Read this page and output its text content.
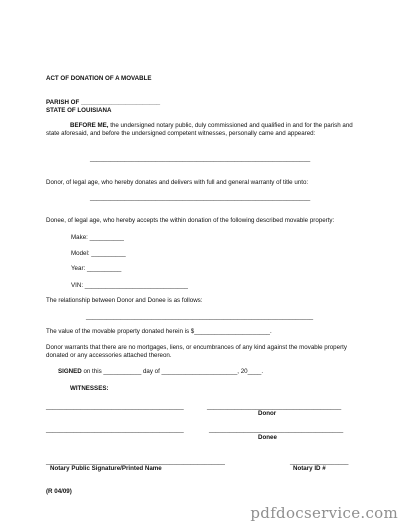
ACT OF DONATION OF A MOVABLE
PARISH OF _______________________
STATE OF LOUISIANA
BEFORE ME, the undersigned notary public, duly commissioned and qualified in and for the parish and state aforesaid, and before the undersigned competent witnesses, personally came and appeared:
________________________________________________________________
Donor, of legal age, who hereby donates and delivers with full and general warranty of title unto:
________________________________________________________________
Donee, of legal age, who hereby accepts the within donation of the following described movable property:
Make: __________
Model: __________
Year: __________
VIN: ______________________________
The relationship between Donor and Donee is as follows:
__________________________________________________________________
The value of the movable property donated herein is $______________________.
Donor warrants that there are no mortgages, liens, or encumbrances of any kind against the movable property donated or any accessories attached thereon.
SIGNED on this ___________ day of ______________________, 20____.
WITNESSES:
________________________________________	_______________________________________
Donor
________________________________________	_______________________________________
Donee
____________________________________________________	_________________
Notary Public Signature/Printed Name	Notary ID #
(R 04/09)
pdfdocservice.com
